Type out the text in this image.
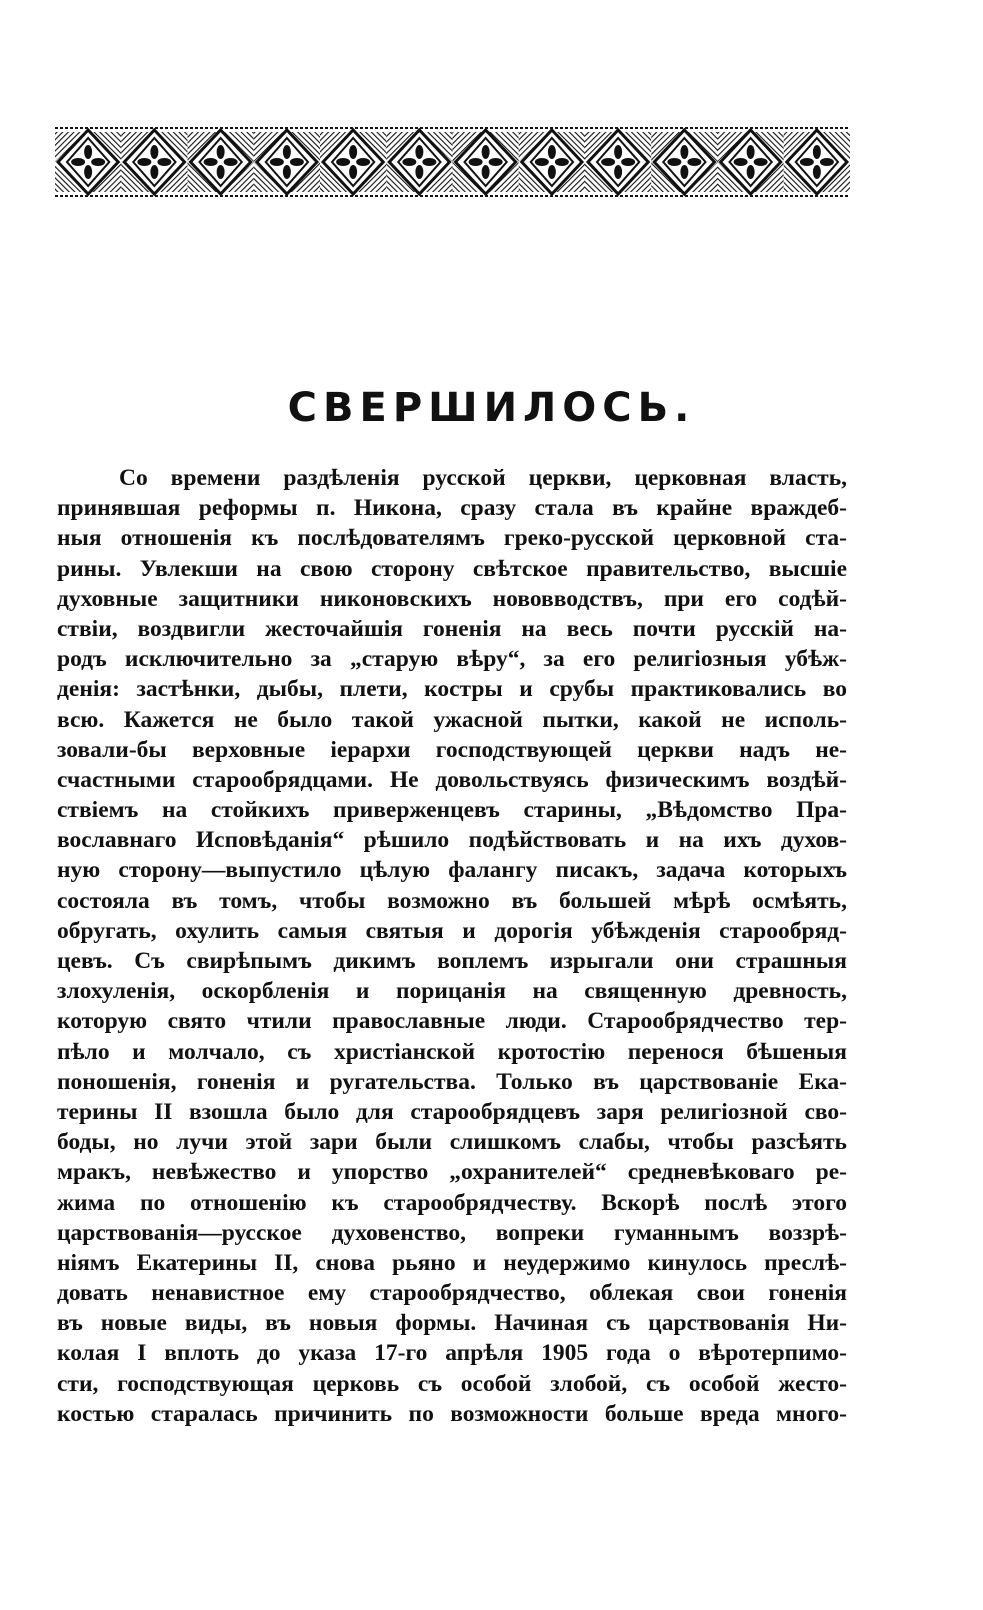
СВЕРШИЛОСЬ.
Со времени раздѣленія русской церкви, церковная власть,
принявшая реформы п. Никона, сразу стала въ крайне враждеб-
ныя отношенія къ послѣдователямъ греко-русской церковной ста-
рины. Увлекши на свою сторону свѣтское правительство, высшіе
духовные защитники никоновскихъ нововводствъ, при его содѣй-
ствіи, воздвигли жесточайшія гоненія на весь почти русскій на-
родъ исключительно за „старую вѣру“, за его религіозныя убѣж-
денія: застѣнки, дыбы, плети, костры и срубы практиковались во
всю. Кажется не было такой ужасной пытки, какой не исполь-
зовали-бы верховные іерархи господствующей церкви надъ не-
счастными старообрядцами. Не довольствуясь физическимъ воздѣй-
ствіемъ на стойкихъ приверженцевъ старины, „Вѣдомство Пра-
вославнаго Исповѣданія“ рѣшило подѣйствовать и на ихъ духов-
ную сторону—выпустило цѣлую фалангу писакъ, задача которыхъ
состояла въ томъ, чтобы возможно въ большей мѣрѣ осмѣять,
обругать, охулить самыя святыя и дорогія убѣжденія старообряд-
цевъ. Съ свирѣпымъ дикимъ воплемъ изрыгали они страшныя
злохуленія, оскорбленія и порицанія на священную древность,
которую свято чтили православные люди. Старообрядчество тер-
пѣло и молчало, съ христіанской кротостію перенося бѣшеныя
поношенія, гоненія и ругательства. Только въ царствованіе Ека-
терины II взошла было для старообрядцевъ заря религіозной сво-
боды, но лучи этой зари были слишкомъ слабы, чтобы разсѣять
мракъ, невѣжество и упорство „охранителей“ средневѣковаго ре-
жима по отношенію къ старообрядчеству. Вскорѣ послѣ этого
царствованія—русское духовенство, вопреки гуманнымъ воззрѣ-
ніямъ Екатерины II, снова рьяно и неудержимо кинулось преслѣ-
довать ненавистное ему старообрядчество, облекая свои гоненія
въ новые виды, въ новыя формы. Начиная съ царствованія Ни-
колая I вплоть до указа 17-го апрѣля 1905 года о вѣротерпимо-
сти, господствующая церковь съ особой злобой, съ особой жесто-
костью старалась причинить по возможности больше вреда много-
